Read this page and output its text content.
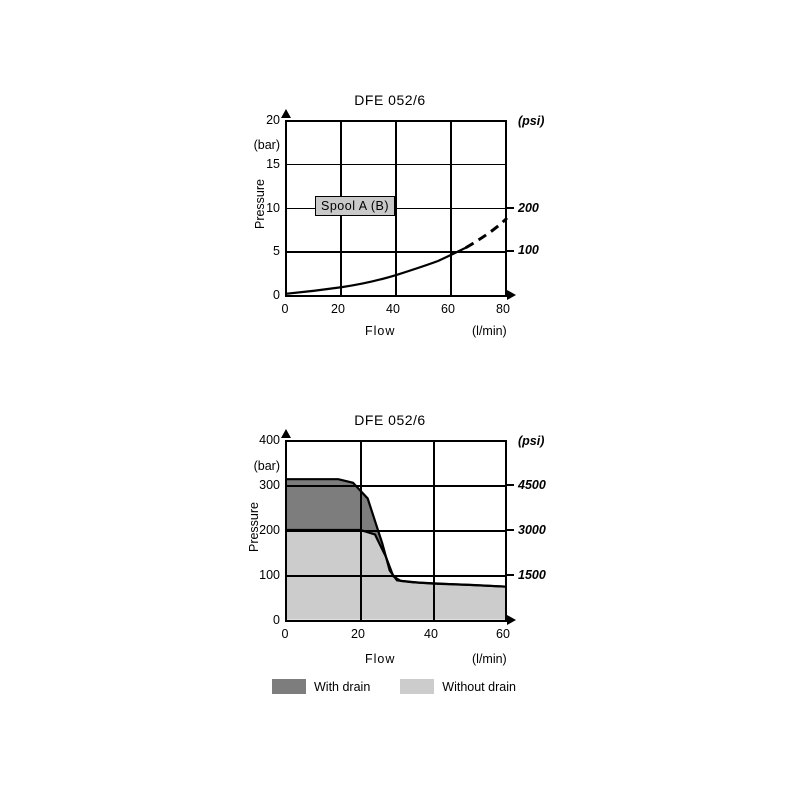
DFE 052/6
Spool A (B)
20
15
10
5
0
(bar)
200
100
(psi)
0	20	40	60	80
Pressure
Flow	(l/min)
DFE 052/6
400
300
200
100
0
(bar)
4500
3000
1500
(psi)
0	20	40	60
Pressure
Flow	(l/min)
With drain	Without drain
